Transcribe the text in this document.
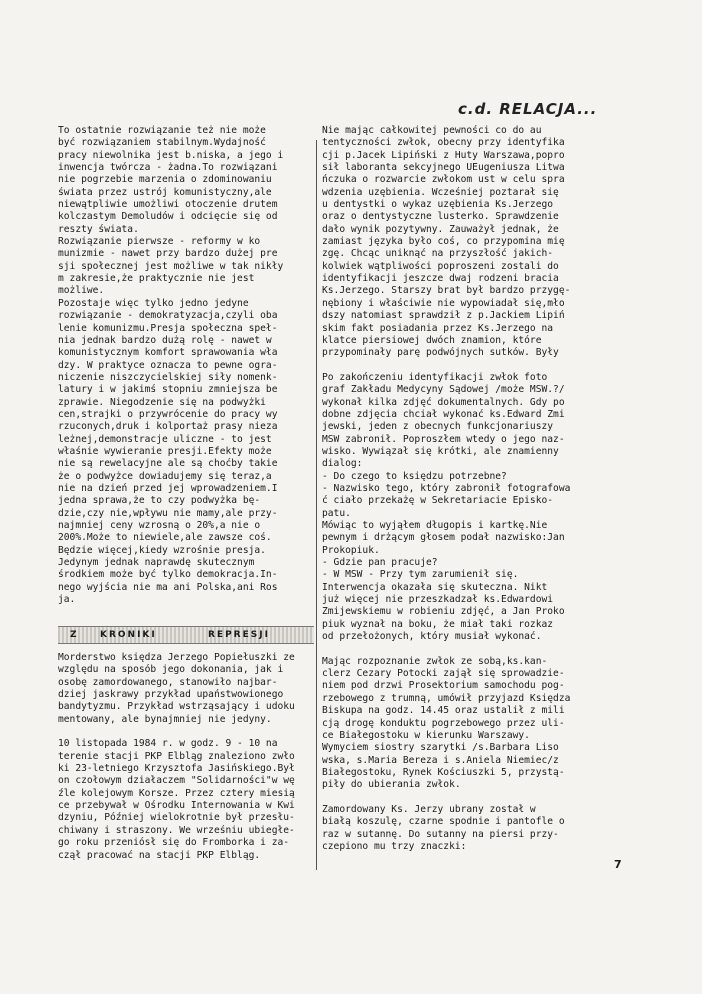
c.d. RELACJA...
To ostatnie rozwiązanie też nie może
być rozwiązaniem stabilnym.Wydajność
pracy niewolnika jest b.niska, a jego i
inwencja twórcza - żadna.To rozwiązani
nie pogrzebie marzenia o zdominowaniu
świata przez ustrój komunistyczny,ale
niewątpliwie umożliwi otoczenie drutem
kolczastym Demoludów i odcięcie się od
reszty świata.
Rozwiązanie pierwsze - reformy w ko
munizmie - nawet przy bardzo dużej pre
sji społecznej jest możliwe w tak nikły
m zakresie,że praktycznie nie jest
możliwe.
Pozostaje więc tylko jedno jedyne
rozwiązanie - demokratyzacja,czyli oba
lenie komunizmu.Presja społeczna speł-
nia jednak bardzo dużą rolę - nawet w
komunistycznym komfort sprawowania wła
dzy. W praktyce oznacza to pewne ogra-
niczenie niszczycielskiej siły nomenk-
latury i w jakimś stopniu zmniejsza be
zprawie. Niegodzenie się na podwyżki
cen,strajki o przywrócenie do pracy wy
rzuconych,druk i kolportaż prasy nieza
leżnej,demonstracje uliczne - to jest
właśnie wywieranie presji.Efekty może
nie są rewelacyjne ale są choćby takie
że o podwyżce dowiadujemy się teraz,a
nie na dzień przed jej wprowadzeniem.I
jedna sprawa,że to czy podwyżka bę-
dzie,czy nie,wpływu nie mamy,ale przy-
najmniej ceny wzrosną o 20%,a nie o
200%.Może to niewiele,ale zawsze coś.
Będzie więcej,kiedy wzrośnie presja.
Jedynym jednak naprawdę skutecznym
środkiem może być tylko demokracja.In-
nego wyjścia nie ma ani Polska,ani Ros
ja.
Z KRONIKI	REPRESJI
Morderstwo księdza Jerzego Popiełuszki ze
względu na sposób jego dokonania, jak i
osobę zamordowanego, stanowiło najbar-
dziej jaskrawy przykład upaństwowionego
bandytyzmu. Przykład wstrząsający i udoku
mentowany, ale bynajmniej nie jedyny.
10 listopada 1984 r. w godz. 9 - 10 na
terenie stacji PKP Elbląg znaleziono zwło
ki 23-letniego Krzysztofa Jasińskiego.Był
on czołowym działaczem "Solidarności"w wę
źle kolejowym Korsze. Przez cztery miesią
ce przebywał w Ośrodku Internowania w Kwi
dzyniu, Później wielokrotnie był przesłu-
chiwany i straszony. We wrześniu ubiegłe-
go roku przeniósł się do Fromborka i za-
czął pracować na stacji PKP Elbląg.
Nie mając całkowitej pewności co do au
tentyczności zwłok, obecny przy identyfika
cji p.Jacek Lipiński z Huty Warszawa,popro
sił laboranta sekcyjnego UEugeniusza Litwa
ńczuka o rozwarcie zwłokom ust w celu spra
wdzenia uzębienia. Wcześniej poztarał się
u dentystki o wykaz uzębienia Ks.Jerzego
oraz o dentystyczne lusterko. Sprawdzenie
dało wynik pozytywny. Zauważył jednak, że
zamiast języka było coś, co przypomina mię
zgę. Chcąc uniknąć na przyszłość jakich-
kolwiek wątpliwości poproszeni zostali do
identyfikacji jeszcze dwaj rodzeni bracia
Ks.Jerzego. Starszy brat był bardzo przygę-
nębiony i właściwie nie wypowiadał się,mło
dszy natomiast sprawdził z p.Jackiem Lipiń
skim fakt posiadania przez Ks.Jerzego na
klatce piersiowej dwóch znamion, które
przypominały parę podwójnych sutków. Były
Po zakończeniu identyfikacji zwłok foto
graf Zakładu Medycyny Sądowej /może MSW.?/
wykonał kilka zdjęć dokumentalnych. Gdy po
dobne zdjęcia chciał wykonać ks.Edward Żmi
jewski, jeden z obecnych funkcjonariuszy
MSW zabronił. Poproszłem wtedy o jego naz-
wisko. Wywiązał się krótki, ale znamienny
dialog:
- Do czego to księdzu potrzebne?
- Nazwisko tego, który zabronił fotografowa
ć ciało przekażę w Sekretariacie Episko-
patu.
Mówiąc to wyjąłem długopis i kartkę.Nie
pewnym i drżącym głosem podał nazwisko:Jan
Prokopiuk.
- Gdzie pan pracuje?
- W MSW - Przy tym zarumienił się.
Interwencja okazała się skuteczna. Nikt
już więcej nie przeszkadzał ks.Edwardowi
Żmijewskiemu w robieniu zdjęć, a Jan Proko
piuk wyznał na boku, że miał taki rozkaz
od przełożonych, który musiał wykonać.
Mając rozpoznanie zwłok ze sobą,ks.kan-
clerz Cezary Potocki zajął się sprowadzie-
niem pod drzwi Prosektorium samochodu pog-
rzebowego z trumną, umówił przyjazd Księdza
Biskupa na godz. 14.45 oraz ustalił z mili
cją drogę konduktu pogrzebowego przez uli-
ce Białegostoku w kierunku Warszawy.
Wymyciem siostry szarytki /s.Barbara Liso
wska, s.Maria Bereza i s.Aniela Niemiec/z
Białegostoku, Rynek Kościuszki 5, przystą-
piły do ubierania zwłok.
Zamordowany Ks. Jerzy ubrany został w
białą koszulę, czarne spodnie i pantofle o
raz w sutannę. Do sutanny na piersi przy-
czepiono mu trzy znaczki:
7
